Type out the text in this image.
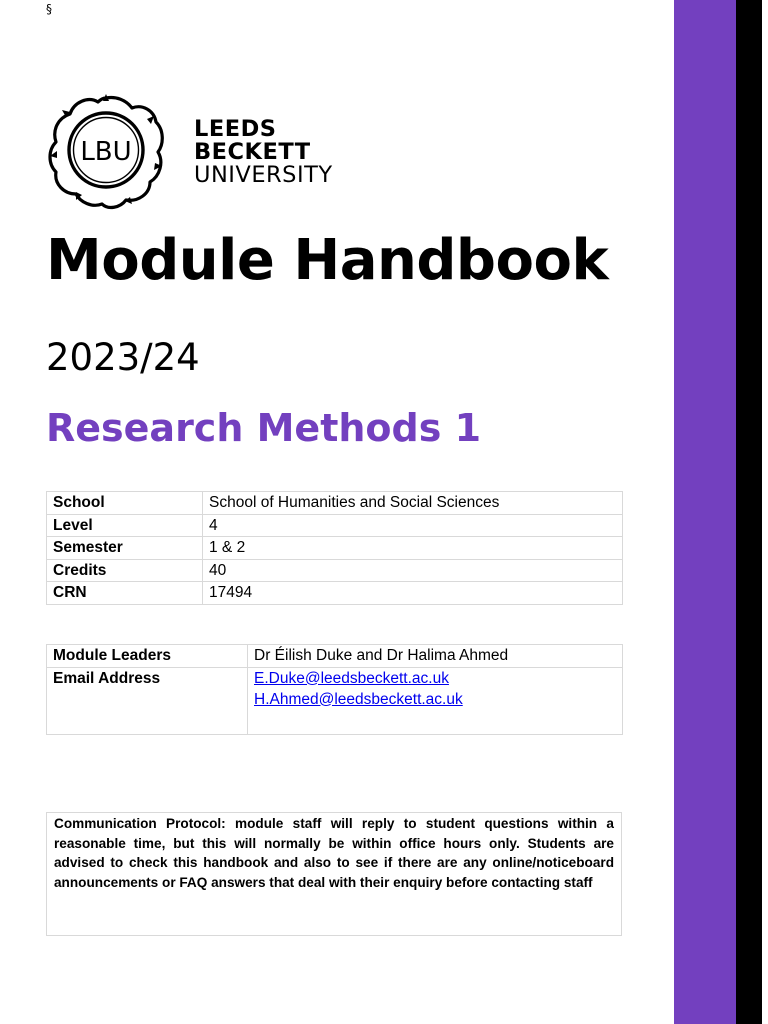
§
LBU
LEEDS
BECKETT
UNIVERSITY
Module Handbook
2023/24
Research Methods 1
School	School of Humanities and Social Sciences
Level	4
Semester	1 & 2
Credits	40
CRN	17494
Module Leaders	Dr Éilish Duke and Dr Halima Ahmed
Email Address	E.Duke@leedsbeckett.ac.uk
H.Ahmed@leedsbeckett.ac.uk
Communication Protocol: module staff will reply to student questions within a reasonable time, but this will normally be within office hours only. Students are advised to check this handbook and also to see if there are any online/noticeboard announcements or FAQ answers that deal with their enquiry before contacting staff
